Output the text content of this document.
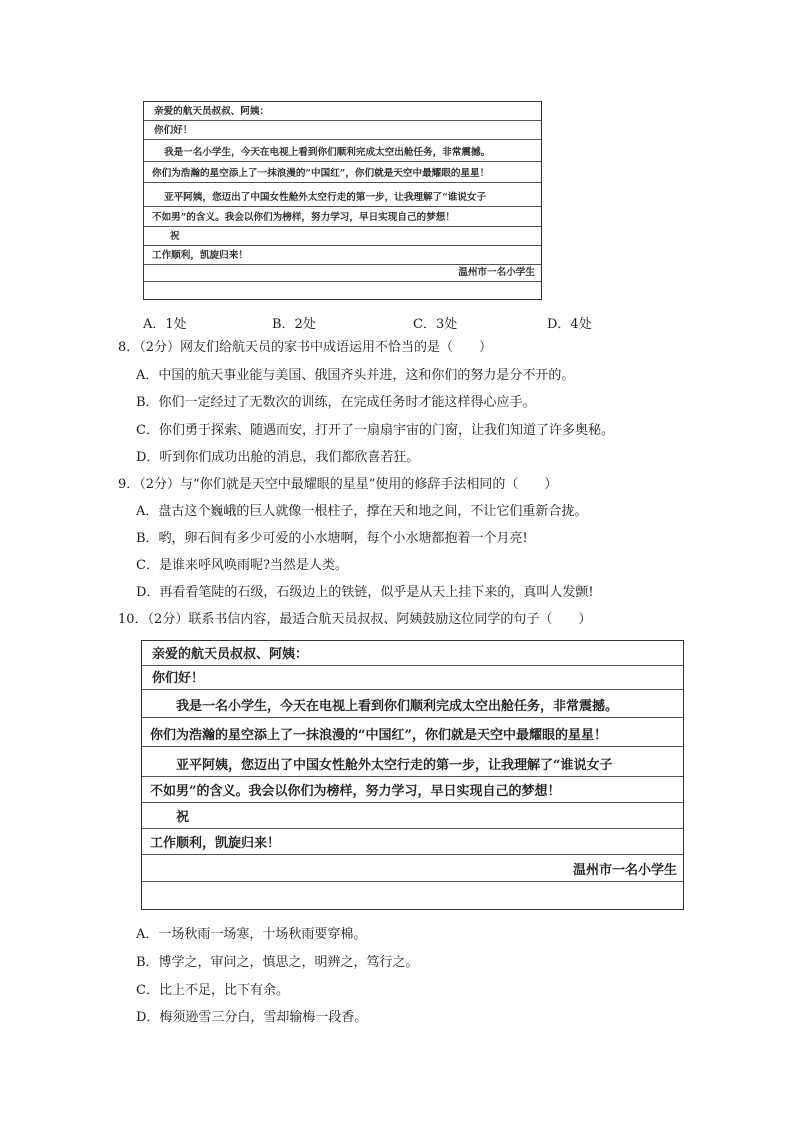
亲爱的航天员叔叔、阿姨：
你们好！
我是一名小学生，今天在电视上看到你们顺利完成太空出舱任务，非常震撼。
你们为浩瀚的星空添上了一抹浪漫的“中国红”，你们就是天空中最耀眼的星星！
亚平阿姨，您迈出了中国女性舱外太空行走的第一步，让我理解了“谁说女子
不如男”的含义。我会以你们为榜样，努力学习，早日实现自己的梦想！
祝
工作顺利，凯旋归来！
温州市一名小学生
A．1处	B．2处	C．3处	D．4处
8．（2分）网友们给航天员的家书中成语运用不恰当的是（　　）
A．中国的航天事业能与美国、俄国齐头并进，这和你们的努力是分不开的。
B．你们一定经过了无数次的训练，在完成任务时才能这样得心应手。
C．你们勇于探索、随遇而安，打开了一扇扇宇宙的门窗，让我们知道了许多奥秘。
D．听到你们成功出舱的消息，我们都欣喜若狂。
9．（2分）与“你们就是天空中最耀眼的星星”使用的修辞手法相同的（　　）
A．盘古这个巍峨的巨人就像一根柱子，撑在天和地之间，不让它们重新合拢。
B．哟，卵石间有多少可爱的小水塘啊，每个小水塘都抱着一个月亮!
C．是谁来呼风唤雨呢?当然是人类。
D．再看看笔陡的石级，石级边上的铁链，似乎是从天上挂下来的，真叫人发颤!
10．（2分）联系书信内容，最适合航天员叔叔、阿姨鼓励这位同学的句子（　　）
亲爱的航天员叔叔、阿姨：
你们好！
我是一名小学生，今天在电视上看到你们顺利完成太空出舱任务，非常震撼。
你们为浩瀚的星空添上了一抹浪漫的“中国红”，你们就是天空中最耀眼的星星！
亚平阿姨，您迈出了中国女性舱外太空行走的第一步，让我理解了“谁说女子
不如男”的含义。我会以你们为榜样，努力学习，早日实现自己的梦想！
祝
工作顺利，凯旋归来！
温州市一名小学生
A．一场秋雨一场寒，十场秋雨要穿棉。
B．博学之，审问之，慎思之，明辨之，笃行之。
C．比上不足，比下有余。
D．梅须逊雪三分白，雪却输梅一段香。
